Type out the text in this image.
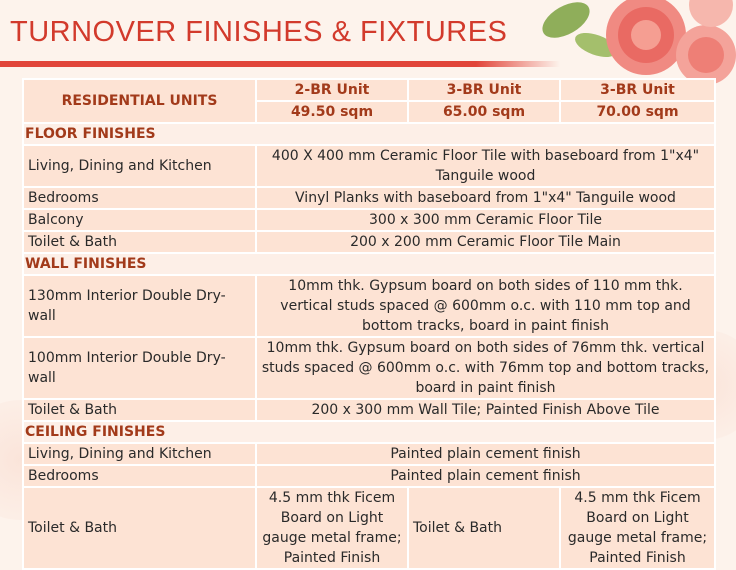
TURNOVER FINISHES & FIXTURES
RESIDENTIAL UNITS	2-BR Unit	3-BR Unit	3-BR Unit
	49.50 sqm	65.00 sqm	70.00 sqm
FLOOR FINISHES			
Living, Dining and Kitchen	400 X 400 mm Ceramic Floor Tile with baseboard from 1"x4" Tanguile wood		
Bedrooms	Vinyl Planks with baseboard from 1"x4" Tanguile wood		
Balcony	300 x 300 mm Ceramic Floor Tile		
Toilet & Bath	200 x 200 mm Ceramic Floor Tile Main		
WALL FINISHES			
130mm Interior Double Dry-wall	10mm thk. Gypsum board on both sides of 110 mm thk. vertical studs spaced @ 600mm o.c. with 110 mm top and bottom tracks, board in paint finish		
100mm Interior Double Dry-wall	10mm thk. Gypsum board on both sides of 76mm thk. vertical studs spaced @ 600mm o.c. with 76mm top and bottom tracks, board in paint finish		
Toilet & Bath	200 x 300 mm Wall Tile; Painted Finish Above Tile		
CEILING FINISHES			
Living, Dining and Kitchen	Painted plain cement finish		
Bedrooms	Painted plain cement finish		
Toilet & Bath	4.5 mm thk Ficem Board on Light gauge metal frame; Painted Finish	Toilet & Bath	4.5 mm thk Ficem Board on Light gauge metal frame; Painted Finish
